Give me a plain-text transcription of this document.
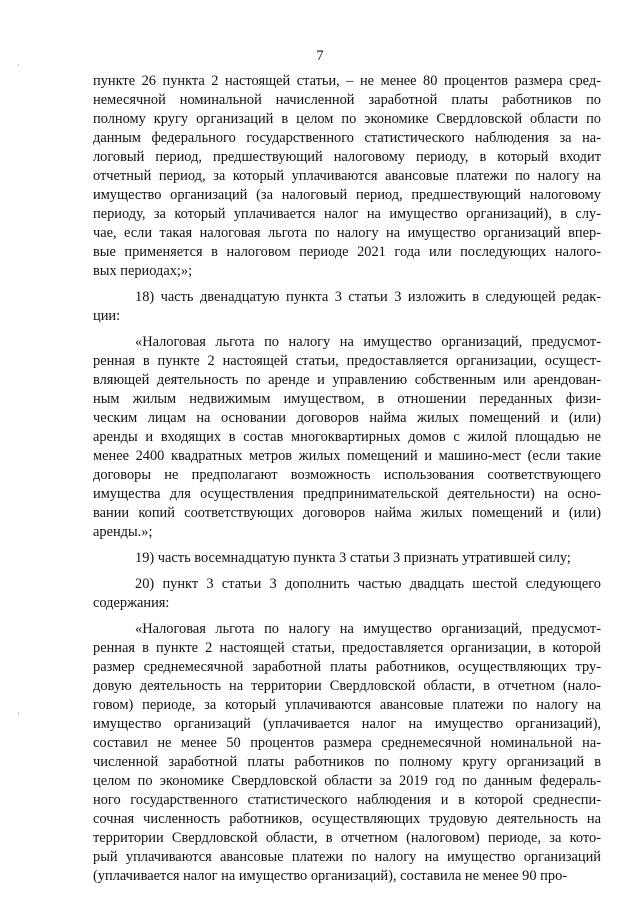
7
пункте 26 пункта 2 настоящей статьи, – не менее 80 процентов размера сред-
немесячной номинальной начисленной заработной платы работников по
полному кругу организаций в целом по экономике Свердловской области по
данным федерального государственного статистического наблюдения за на-
логовый период, предшествующий налоговому периоду, в который входит
отчетный период, за который уплачиваются авансовые платежи по налогу на
имущество организаций (за налоговый период, предшествующий налоговому
периоду, за который уплачивается налог на имущество организаций), в слу-
чае, если такая налоговая льгота по налогу на имущество организаций впер-
вые применяется в налоговом периоде 2021 года или последующих налого-
вых периодах;»;
18) часть двенадцатую пункта 3 статьи 3 изложить в следующей редак-
ции:
«Налоговая льгота по налогу на имущество организаций, предусмот-
ренная в пункте 2 настоящей статьи, предоставляется организации, осущест-
вляющей деятельность по аренде и управлению собственным или арендован-
ным жилым недвижимым имуществом, в отношении переданных физи-
ческим лицам на основании договоров найма жилых помещений и (или)
аренды и входящих в состав многоквартирных домов с жилой площадью не
менее 2400 квадратных метров жилых помещений и машино-мест (если такие
договоры не предполагают возможность использования соответствующего
имущества для осуществления предпринимательской деятельности) на осно-
вании копий соответствующих договоров найма жилых помещений и (или)
аренды.»;
19) часть восемнадцатую пункта 3 статьи 3 признать утратившей силу;
20) пункт 3 статьи 3 дополнить частью двадцать шестой следующего
содержания:
«Налоговая льгота по налогу на имущество организаций, предусмот-
ренная в пункте 2 настоящей статьи, предоставляется организации, в которой
размер среднемесячной заработной платы работников, осуществляющих тру-
довую деятельность на территории Свердловской области, в отчетном (нало-
говом) периоде, за который уплачиваются авансовые платежи по налогу на
имущество организаций (уплачивается налог на имущество организаций),
составил не менее 50 процентов размера среднемесячной номинальной на-
численной заработной платы работников по полному кругу организаций в
целом по экономике Свердловской области за 2019 год по данным федераль-
ного государственного статистического наблюдения и в которой среднеспи-
сочная численность работников, осуществляющих трудовую деятельность на
территории Свердловской области, в отчетном (налоговом) периоде, за кото-
рый уплачиваются авансовые платежи по налогу на имущество организаций
(уплачивается налог на имущество организаций), составила не менее 90 про-
